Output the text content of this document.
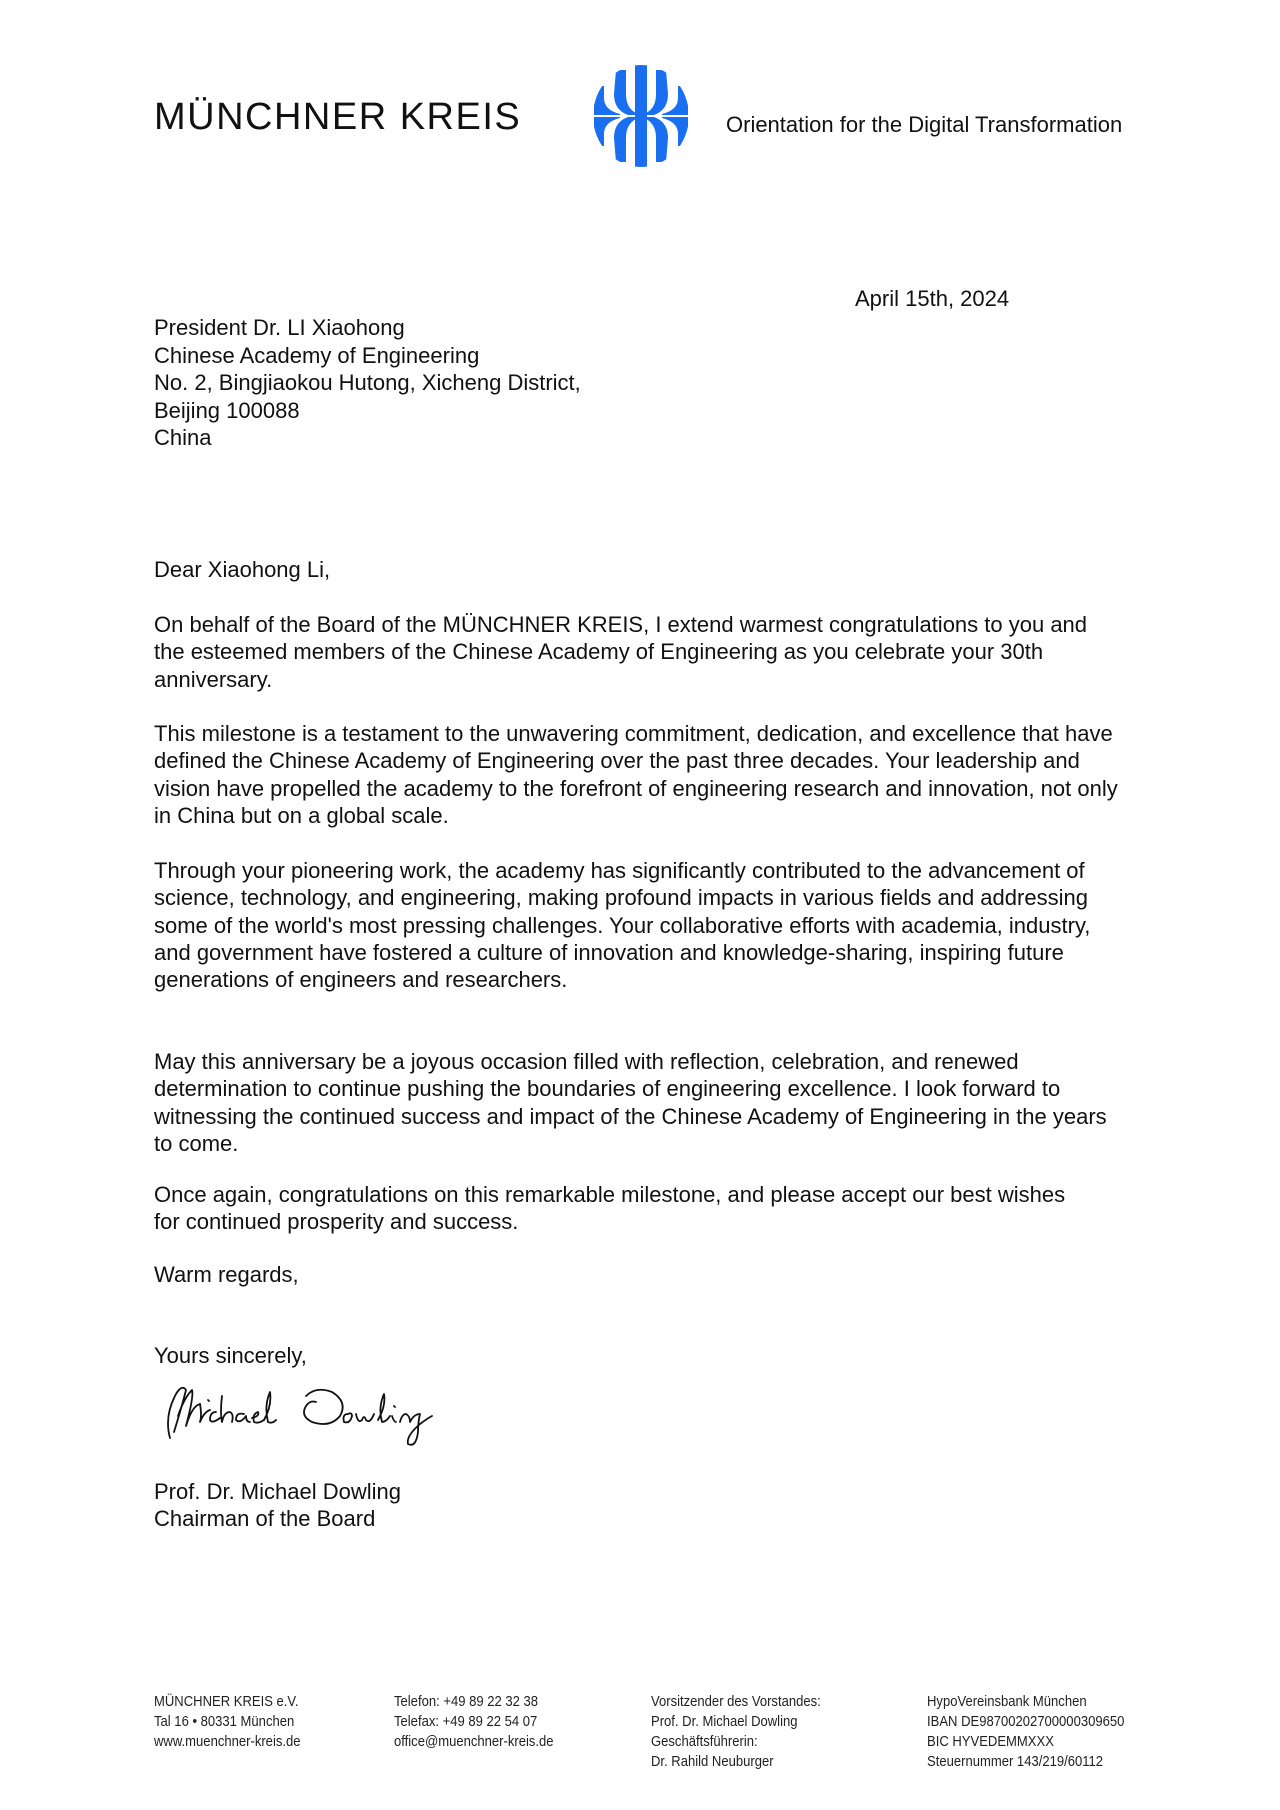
MÜNCHNER KREIS	Orientation for the Digital Transformation
April 15th, 2024
President Dr. LI Xiaohong
Chinese Academy of Engineering
No. 2, Bingjiaokou Hutong, Xicheng District,
Beijing 100088
China

Dear Xiaohong Li,

On behalf of the Board of the MÜNCHNER KREIS, I extend warmest congratulations to you and the esteemed members of the Chinese Academy of Engineering as you celebrate your 30th anniversary.

This milestone is a testament to the unwavering commitment, dedication, and excellence that have defined the Chinese Academy of Engineering over the past three decades. Your leadership and vision have propelled the academy to the forefront of engineering research and innovation, not only in China but on a global scale.

Through your pioneering work, the academy has significantly contributed to the advancement of science, technology, and engineering, making profound impacts in various fields and addressing some of the world's most pressing challenges. Your collaborative efforts with academia, industry, and government have fostered a culture of innovation and knowledge-sharing, inspiring future generations of engineers and researchers.

May this anniversary be a joyous occasion filled with reflection, celebration, and renewed determination to continue pushing the boundaries of engineering excellence. I look forward to witnessing the continued success and impact of the Chinese Academy of Engineering in the years to come.

Once again, congratulations on this remarkable milestone, and please accept our best wishes for continued prosperity and success.

Warm regards,
Yours sincerely,
Prof. Dr. Michael Dowling
Chairman of the Board
MÜNCHNER KREIS e.V.
Tal 16 • 80331 München
www.muenchner-kreis.de
Telefon: +49 89 22 32 38
Telefax: +49 89 22 54 07
office@muenchner-kreis.de
Vorsitzender des Vorstandes:
Prof. Dr. Michael Dowling
Geschäftsführerin:
Dr. Rahild Neuburger
HypoVereinsbank München
IBAN DE98700202700000309650
BIC HYVEDEMMXXX
Steuernummer 143/219/60112
